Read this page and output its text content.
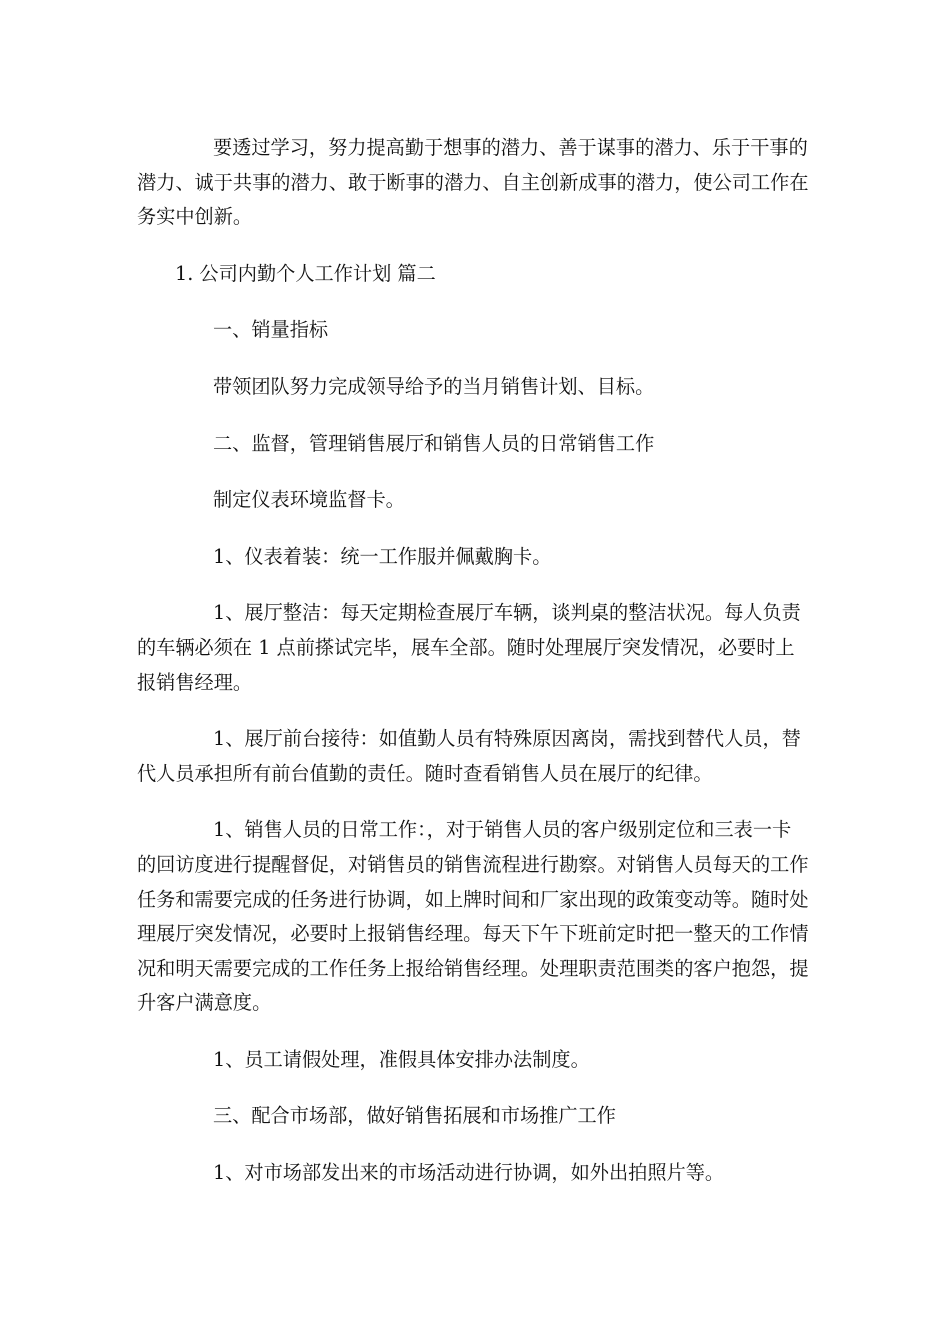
要透过学习，努力提高勤于想事的潜力、善于谋事的潜力、乐于干事的潜力、诚于共事的潜力、敢于断事的潜力、自主创新成事的潜力，使公司工作在务实中创新。

1. 公司内勤个人工作计划 篇二

一、销量指标

带领团队努力完成领导给予的当月销售计划、目标。

二、监督，管理销售展厅和销售人员的日常销售工作

制定仪表环境监督卡。

1、仪表着装：统一工作服并佩戴胸卡。

1、展厅整洁：每天定期检查展厅车辆，谈判桌的整洁状况。每人负责的车辆必须在 1 点前搽试完毕，展车全部。随时处理展厅突发情况，必要时上报销售经理。

1、展厅前台接待：如值勤人员有特殊原因离岗，需找到替代人员，替代人员承担所有前台值勤的责任。随时查看销售人员在展厅的纪律。

1、销售人员的日常工作：，对于销售人员的客户级别定位和三表一卡的回访度进行提醒督促，对销售员的销售流程进行勘察。对销售人员每天的工作任务和需要完成的任务进行协调，如上牌时间和厂家出现的政策变动等。随时处理展厅突发情况，必要时上报销售经理。每天下午下班前定时把一整天的工作情况和明天需要完成的工作任务上报给销售经理。处理职责范围类的客户抱怨，提升客户满意度。

1、员工请假处理，准假具体安排办法制度。

三、配合市场部，做好销售拓展和市场推广工作

1、对市场部发出来的市场活动进行协调，如外出拍照片等。
